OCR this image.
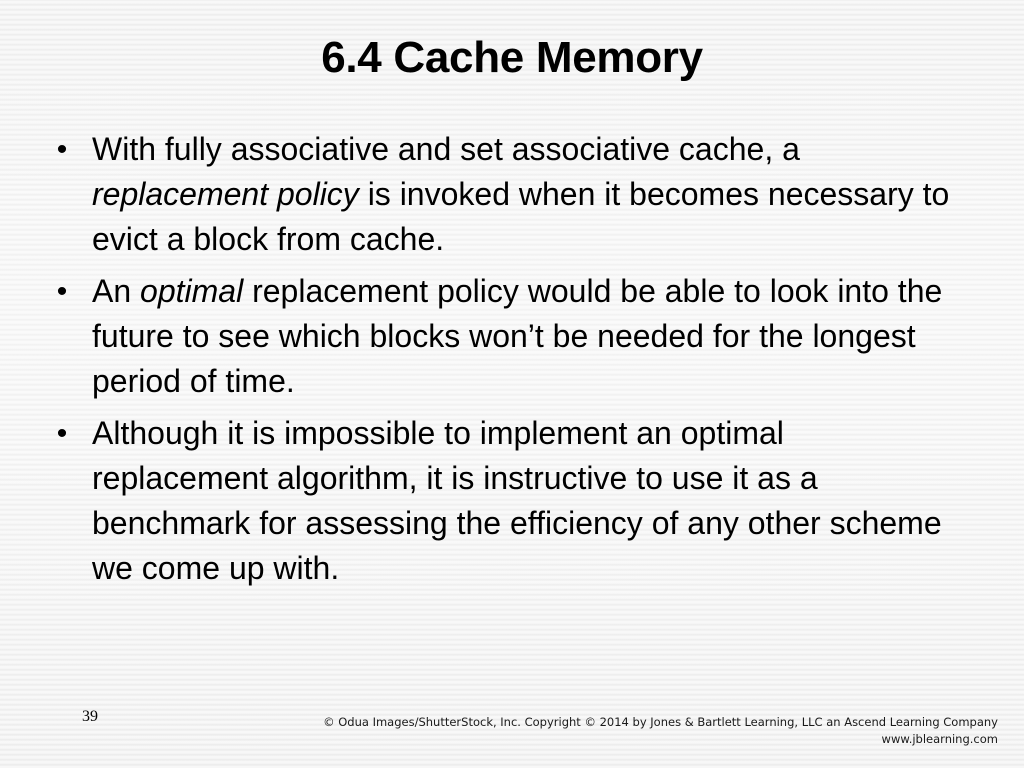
6.4 Cache Memory
• With fully associative and set associative cache, a replacement policy is invoked when it becomes necessary to evict a block from cache.
• An optimal replacement policy would be able to look into the future to see which blocks won’t be needed for the longest period of time.
• Although it is impossible to implement an optimal replacement algorithm, it is instructive to use it as a benchmark for assessing the efficiency of any other scheme we come up with.
39	© Odua Images/ShutterStock, Inc. Copyright © 2014 by Jones & Bartlett Learning, LLC an Ascend Learning Company
www.jblearning.com
